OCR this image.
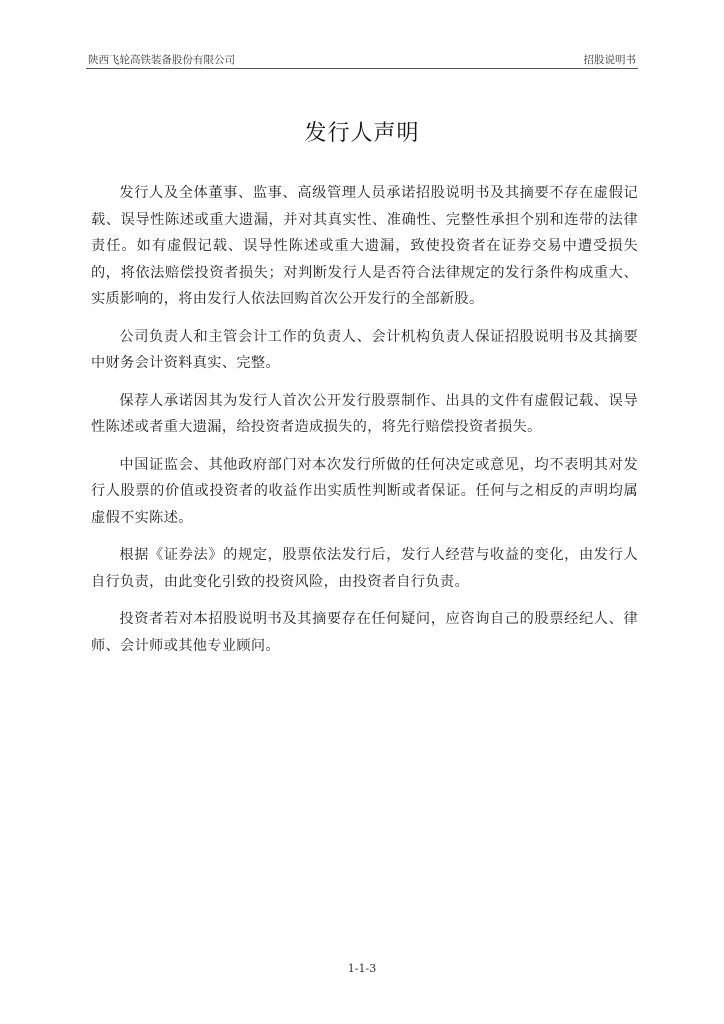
陕西飞轮高铁装备股份有限公司	招股说明书
发行人声明

发行人及全体董事、监事、高级管理人员承诺招股说明书及其摘要不存在虚假记载、误导性陈述或重大遗漏，并对其真实性、准确性、完整性承担个别和连带的法律责任。如有虚假记载、误导性陈述或重大遗漏，致使投资者在证券交易中遭受损失的，将依法赔偿投资者损失；对判断发行人是否符合法律规定的发行条件构成重大、实质影响的，将由发行人依法回购首次公开发行的全部新股。

公司负责人和主管会计工作的负责人、会计机构负责人保证招股说明书及其摘要中财务会计资料真实、完整。

保荐人承诺因其为发行人首次公开发行股票制作、出具的文件有虚假记载、误导性陈述或者重大遗漏，给投资者造成损失的，将先行赔偿投资者损失。

中国证监会、其他政府部门对本次发行所做的任何决定或意见，均不表明其对发行人股票的价值或投资者的收益作出实质性判断或者保证。任何与之相反的声明均属虚假不实陈述。

根据《证券法》的规定，股票依法发行后，发行人经营与收益的变化，由发行人自行负责，由此变化引致的投资风险，由投资者自行负责。

投资者若对本招股说明书及其摘要存在任何疑问，应咨询自己的股票经纪人、律师、会计师或其他专业顾问。

1-1-3
